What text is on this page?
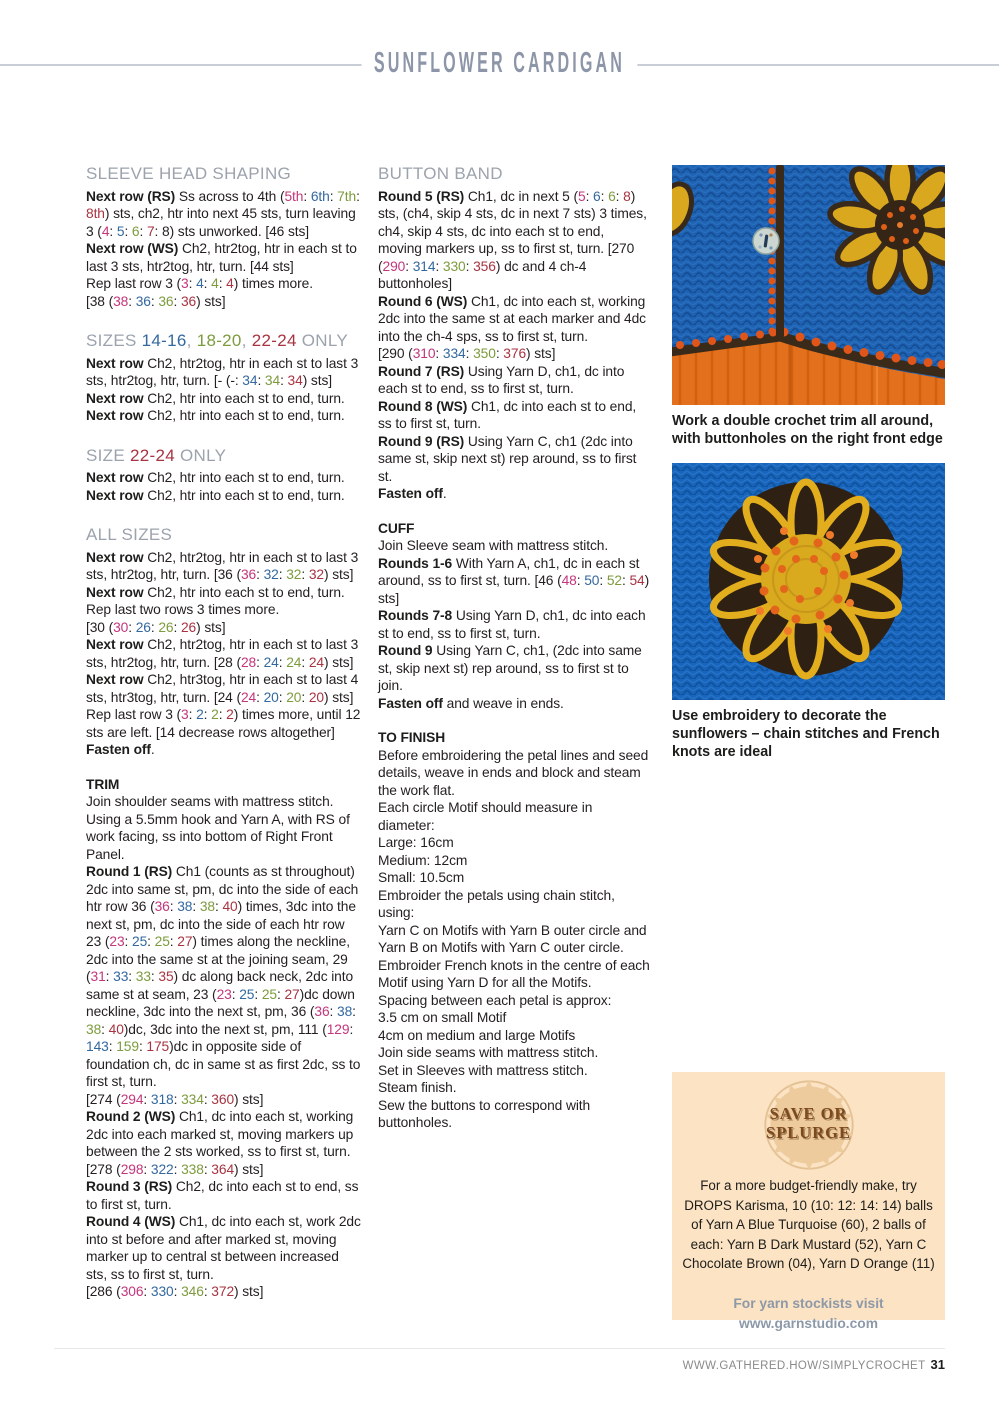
SUNFLOWER CARDIGAN
SLEEVE HEAD SHAPING

Next row (RS) Ss across to 4th (5th: 6th: 7th: 8th) sts, ch2, htr into next 45 sts, turn leaving 3 (4: 5: 6: 7: 8) sts unworked. [46 sts]

Next row (WS) Ch2, htr2tog, htr in each st to last 3 sts, htr2tog, htr, turn. [44 sts]

Rep last row 3 (3: 4: 4: 4) times more.

[38 (38: 36: 36: 36) sts]

SIZES 14-16, 18-20, 22-24 ONLY

Next row Ch2, htr2tog, htr in each st to last 3 sts, htr2tog, htr, turn. [- (-: 34: 34: 34) sts]

Next row Ch2, htr into each st to end, turn.

Next row Ch2, htr into each st to end, turn.

SIZE 22-24 ONLY

Next row Ch2, htr into each st to end, turn.

Next row Ch2, htr into each st to end, turn.

ALL SIZES

Next row Ch2, htr2tog, htr in each st to last 3 sts, htr2tog, htr, turn. [36 (36: 32: 32: 32) sts]

Next row Ch2, htr into each st to end, turn.

Rep last two rows 3 times more.

[30 (30: 26: 26: 26) sts]

Next row Ch2, htr2tog, htr in each st to last 3 sts, htr2tog, htr, turn. [28 (28: 24: 24: 24) sts]

Next row Ch2, htr3tog, htr in each st to last 4 sts, htr3tog, htr, turn. [24 (24: 20: 20: 20) sts]

Rep last row 3 (3: 2: 2: 2) times more, until 12 sts are left. [14 decrease rows altogether]

Fasten off.

TRIM

Join shoulder seams with mattress stitch.

Using a 5.5mm hook and Yarn A, with RS of work facing, ss into bottom of Right Front Panel.

Round 1 (RS) Ch1 (counts as st throughout) 2dc into same st, pm, dc into the side of each htr row 36 (36: 38: 38: 40) times, 3dc into the next st, pm, dc into the side of each htr row 23 (23: 25: 25: 27) times along the neckline, 2dc into the same st at the joining seam, 29 (31: 33: 33: 35) dc along back neck, 2dc into same st at seam, 23 (23: 25: 25: 27)dc down neckline, 3dc into the next st, pm, 36 (36: 38: 38: 40)dc, 3dc into the next st, pm, 111 (129: 143: 159: 175)dc in opposite side of foundation ch, dc in same st as first 2dc, ss to first st, turn.

[274 (294: 318: 334: 360) sts]

Round 2 (WS) Ch1, dc into each st, working 2dc into each marked st, moving markers up between the 2 sts worked, ss to first st, turn.

[278 (298: 322: 338: 364) sts]

Round 3 (RS) Ch2, dc into each st to end, ss to first st, turn.

Round 4 (WS) Ch1, dc into each st, work 2dc into st before and after marked st, moving marker up to central st between increased sts, ss to first st, turn.

[286 (306: 330: 346: 372) sts]

BUTTON BAND

Round 5 (RS) Ch1, dc in next 5 (5: 6: 6: 8) sts, (ch4, skip 4 sts, dc in next 7 sts) 3 times, ch4, skip 4 sts, dc into each st to end, moving markers up, ss to first st, turn. [270 (290: 314: 330: 356) dc and 4 ch-4 buttonholes]

Round 6 (WS) Ch1, dc into each st, working 2dc into the same st at each marker and 4dc into the ch-4 sps, ss to first st, turn.

[290 (310: 334: 350: 376) sts]

Round 7 (RS) Using Yarn D, ch1, dc into each st to end, ss to first st, turn.

Round 8 (WS) Ch1, dc into each st to end, ss to first st, turn.

Round 9 (RS) Using Yarn C, ch1 (2dc into same st, skip next st) rep around, ss to first st.

Fasten off.

CUFF

Join Sleeve seam with mattress stitch.

Rounds 1-6 With Yarn A, ch1, dc in each st around, ss to first st, turn. [46 (48: 50: 52: 54) sts]

Rounds 7-8 Using Yarn D, ch1, dc into each st to end, ss to first st, turn.

Round 9 Using Yarn C, ch1, (2dc into same st, skip next st) rep around, ss to first st to join.

Fasten off and weave in ends.

TO FINISH

Before embroidering the petal lines and seed details, weave in ends and block and steam the work flat.

Each circle Motif should measure in diameter:

Large: 16cm

Medium: 12cm

Small: 10.5cm

Embroider the petals using chain stitch, using:

Yarn C on Motifs with Yarn B outer circle and Yarn B on Motifs with Yarn C outer circle.

Embroider French knots in the centre of each Motif using Yarn D for all the Motifs.

Spacing between each petal is approx:

3.5 cm on small Motif

4cm on medium and large Motifs

Join side seams with mattress stitch.

Set in Sleeves with mattress stitch.

Steam finish.

Sew the buttons to correspond with buttonholes.

Work a double crochet trim all around, with buttonholes on the right front edge
Use embroidery to decorate the sunflowers – chain stitches and French knots are ideal
SAVE OR
SPLURGE
For a more budget-friendly make, try DROPS Karisma, 10 (10: 12: 14: 14) balls of Yarn A Blue Turquoise (60), 2 balls of each: Yarn B Dark Mustard (52), Yarn C Chocolate Brown (04), Yarn D Orange (11)
For yarn stockists visit
www.garnstudio.com
WWW.GATHERED.HOW/SIMPLYCROCHET 31
